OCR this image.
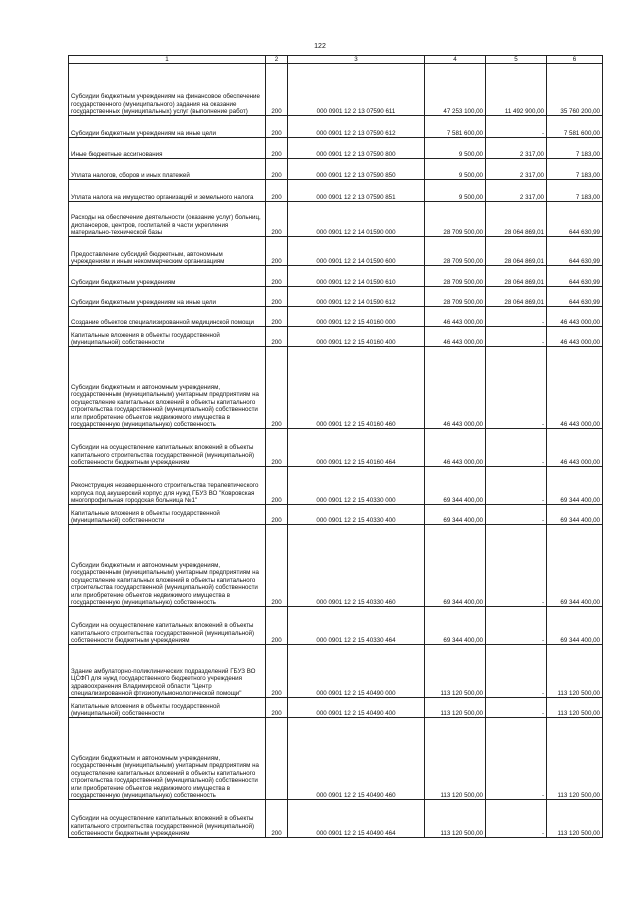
122
1	2	3	4	5	6
Субсидии бюджетным учреждениям на финансовое обеспечение государственного (муниципального) задания на оказание государственных (муниципальных) услуг (выполнение работ)	200	000 0901 12 2 13 07590 611	47 253 100,00	11 492 900,00	35 760 200,00
Субсидии бюджетным учреждениям на иные цели	200	000 0901 12 2 13 07590 612	7 581 600,00	-	7 581 600,00
Иные бюджетные ассигнования	200	000 0901 12 2 13 07590 800	9 500,00	2 317,00	7 183,00
Уплата налогов, сборов и иных платежей	200	000 0901 12 2 13 07590 850	9 500,00	2 317,00	7 183,00
Уплата налога на имущество организаций и земельного налога	200	000 0901 12 2 13 07590 851	9 500,00	2 317,00	7 183,00
Расходы на обеспечение деятельности (оказание услуг) больниц, диспансеров, центров, госпиталей в части укрепления материально-технической базы	200	000 0901 12 2 14 01590 000	28 709 500,00	28 064 869,01	644 630,99
Предоставление субсидий бюджетным, автономным учреждениям и иным некоммерческим организациям	200	000 0901 12 2 14 01590 600	28 709 500,00	28 064 869,01	644 630,99
Субсидии бюджетным учреждениям	200	000 0901 12 2 14 01590 610	28 709 500,00	28 064 869,01	644 630,99
Субсидии бюджетным учреждениям на иные цели	200	000 0901 12 2 14 01590 612	28 709 500,00	28 064 869,01	644 630,99
Создание объектов специализированной медицинской помощи	200	000 0901 12 2 15 40160 000	46 443 000,00	-	46 443 000,00
Капитальные вложения в объекты государственной (муниципальной) собственности	200	000 0901 12 2 15 40160 400	46 443 000,00	-	46 443 000,00
Субсидии бюджетным и автономным учреждениям, государственным (муниципальным) унитарным предприятиям на осуществление капитальных вложений в объекты капитального строительства государственной (муниципальной) собственности или приобретение объектов недвижимого имущества в государственную (муниципальную) собственность	200	000 0901 12 2 15 40160 460	46 443 000,00	-	46 443 000,00
Субсидии на осуществление капитальных вложений в объекты капитального строительства государственной (муниципальной) собственности бюджетным учреждениям	200	000 0901 12 2 15 40160 464	46 443 000,00	-	46 443 000,00
Реконструкция незавершенного строительства терапевтического корпуса под акушерский корпус для нужд ГБУЗ ВО "Ковровская многопрофильная городская больница №1"	200	000 0901 12 2 15 40330 000	69 344 400,00	-	69 344 400,00
Капитальные вложения в объекты государственной (муниципальной) собственности	200	000 0901 12 2 15 40330 400	69 344 400,00	-	69 344 400,00
Субсидии бюджетным и автономным учреждениям, государственным (муниципальным) унитарным предприятиям на осуществление капитальных вложений в объекты капитального строительства государственной (муниципальной) собственности или приобретение объектов недвижимого имущества в государственную (муниципальную) собственность	200	000 0901 12 2 15 40330 460	69 344 400,00	-	69 344 400,00
Субсидии на осуществление капитальных вложений в объекты капитального строительства государственной (муниципальной) собственности бюджетным учреждениям	200	000 0901 12 2 15 40330 464	69 344 400,00	-	69 344 400,00
Здание амбулаторно-поликлинических подразделений ГБУЗ ВО ЦСФП для нужд государственного бюджетного учреждения здравоохранения Владимирской области "Центр специализированной фтизиопульмонологической помощи"	200	000 0901 12 2 15 40490 000	113 120 500,00	-	113 120 500,00
Капитальные вложения в объекты государственной (муниципальной) собственности	200	000 0901 12 2 15 40490 400	113 120 500,00	-	113 120 500,00
Субсидии бюджетным и автономным учреждениям, государственным (муниципальным) унитарным предприятиям на осуществление капитальных вложений в объекты капитального строительства государственной (муниципальной) собственности или приобретение объектов недвижимого имущества в государственную (муниципальную) собственность		000 0901 12 2 15 40490 460	113 120 500,00	-	113 120 500,00
Субсидии на осуществление капитальных вложений в объекты капитального строительства государственной (муниципальной) собственности бюджетным учреждениям	200	000 0901 12 2 15 40490 464	113 120 500,00	-	113 120 500,00
